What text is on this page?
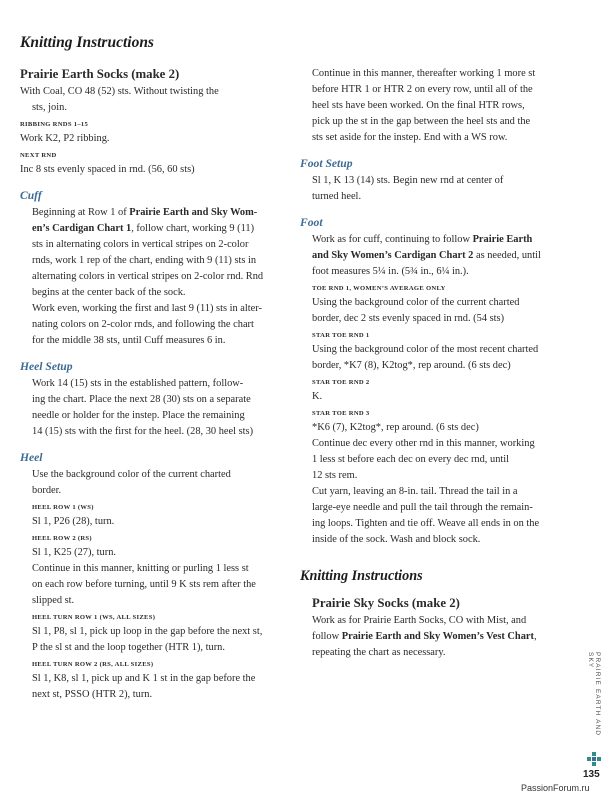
Knitting Instructions
Prairie Earth Socks (make 2)

With Coal, CO 48 (52) sts. Without twisting the

sts, join.

RIBBING RNDS 1–15

Work K2, P2 ribbing.

NEXT RND

Inc 8 sts evenly spaced in rnd. (56, 60 sts)

Cuff

Beginning at Row 1 of Prairie Earth and Sky Wom-

en’s Cardigan Chart 1, follow chart, working 9 (11)

sts in alternating colors in vertical stripes on 2-color

rnds, work 1 rep of the chart, ending with 9 (11) sts in

alternating colors in vertical stripes on 2-color rnd. Rnd

begins at the center back of the sock.

Work even, working the first and last 9 (11) sts in alter-

nating colors on 2-color rnds, and following the chart

for the middle 38 sts, until Cuff measures 6 in.

Heel Setup

Work 14 (15) sts in the established pattern, follow-

ing the chart. Place the next 28 (30) sts on a separate

needle or holder for the instep. Place the remaining

14 (15) sts with the first for the heel. (28, 30 heel sts)

Heel

Use the background color of the current charted

border.

HEEL ROW 1 (WS)

Sl 1, P26 (28), turn.

HEEL ROW 2 (RS)

Sl 1, K25 (27), turn.

Continue in this manner, knitting or purling 1 less st

on each row before turning, until 9 K sts rem after the

slipped st.

HEEL TURN ROW 1 (WS, ALL SIZES)

Sl 1, P8, sl 1, pick up loop in the gap before the next st,

P the sl st and the loop together (HTR 1), turn.

HEEL TURN ROW 2 (RS, ALL SIZES)

Sl 1, K8, sl 1, pick up and K 1 st in the gap before the

next st, PSSO (HTR 2), turn.

Continue in this manner, thereafter working 1 more st

before HTR 1 or HTR 2 on every row, until all of the

heel sts have been worked. On the final HTR rows,

pick up the st in the gap between the heel sts and the

sts set aside for the instep. End with a WS row.

Foot Setup

Sl 1, K 13 (14) sts. Begin new rnd at center of

turned heel.

Foot

Work as for cuff, continuing to follow Prairie Earth

and Sky Women’s Cardigan Chart 2 as needed, until

foot measures 5¼ in. (5¾ in., 6¼ in.).

TOE RND 1, WOMEN’S AVERAGE ONLY

Using the background color of the current charted

border, dec 2 sts evenly spaced in rnd. (54 sts)

STAR TOE RND 1

Using the background color of the most recent charted

border, *K7 (8), K2tog*, rep around. (6 sts dec)

STAR TOE RND 2

K.

STAR TOE RND 3

*K6 (7), K2tog*, rep around. (6 sts dec)

Continue dec every other rnd in this manner, working

1 less st before each dec on every dec rnd, until

12 sts rem.

Cut yarn, leaving an 8-in. tail. Thread the tail in a

large-eye needle and pull the tail through the remain-

ing loops. Tighten and tie off. Weave all ends in on the

inside of the sock. Wash and block sock.

Knitting Instructions
Prairie Sky Socks (make 2)

Work as for Prairie Earth Socks, CO with Mist, and

follow Prairie Earth and Sky Women’s Vest Chart,

repeating the chart as necessary.	PRAIRIE EARTH AND SKY
135
PassionForum.ru
